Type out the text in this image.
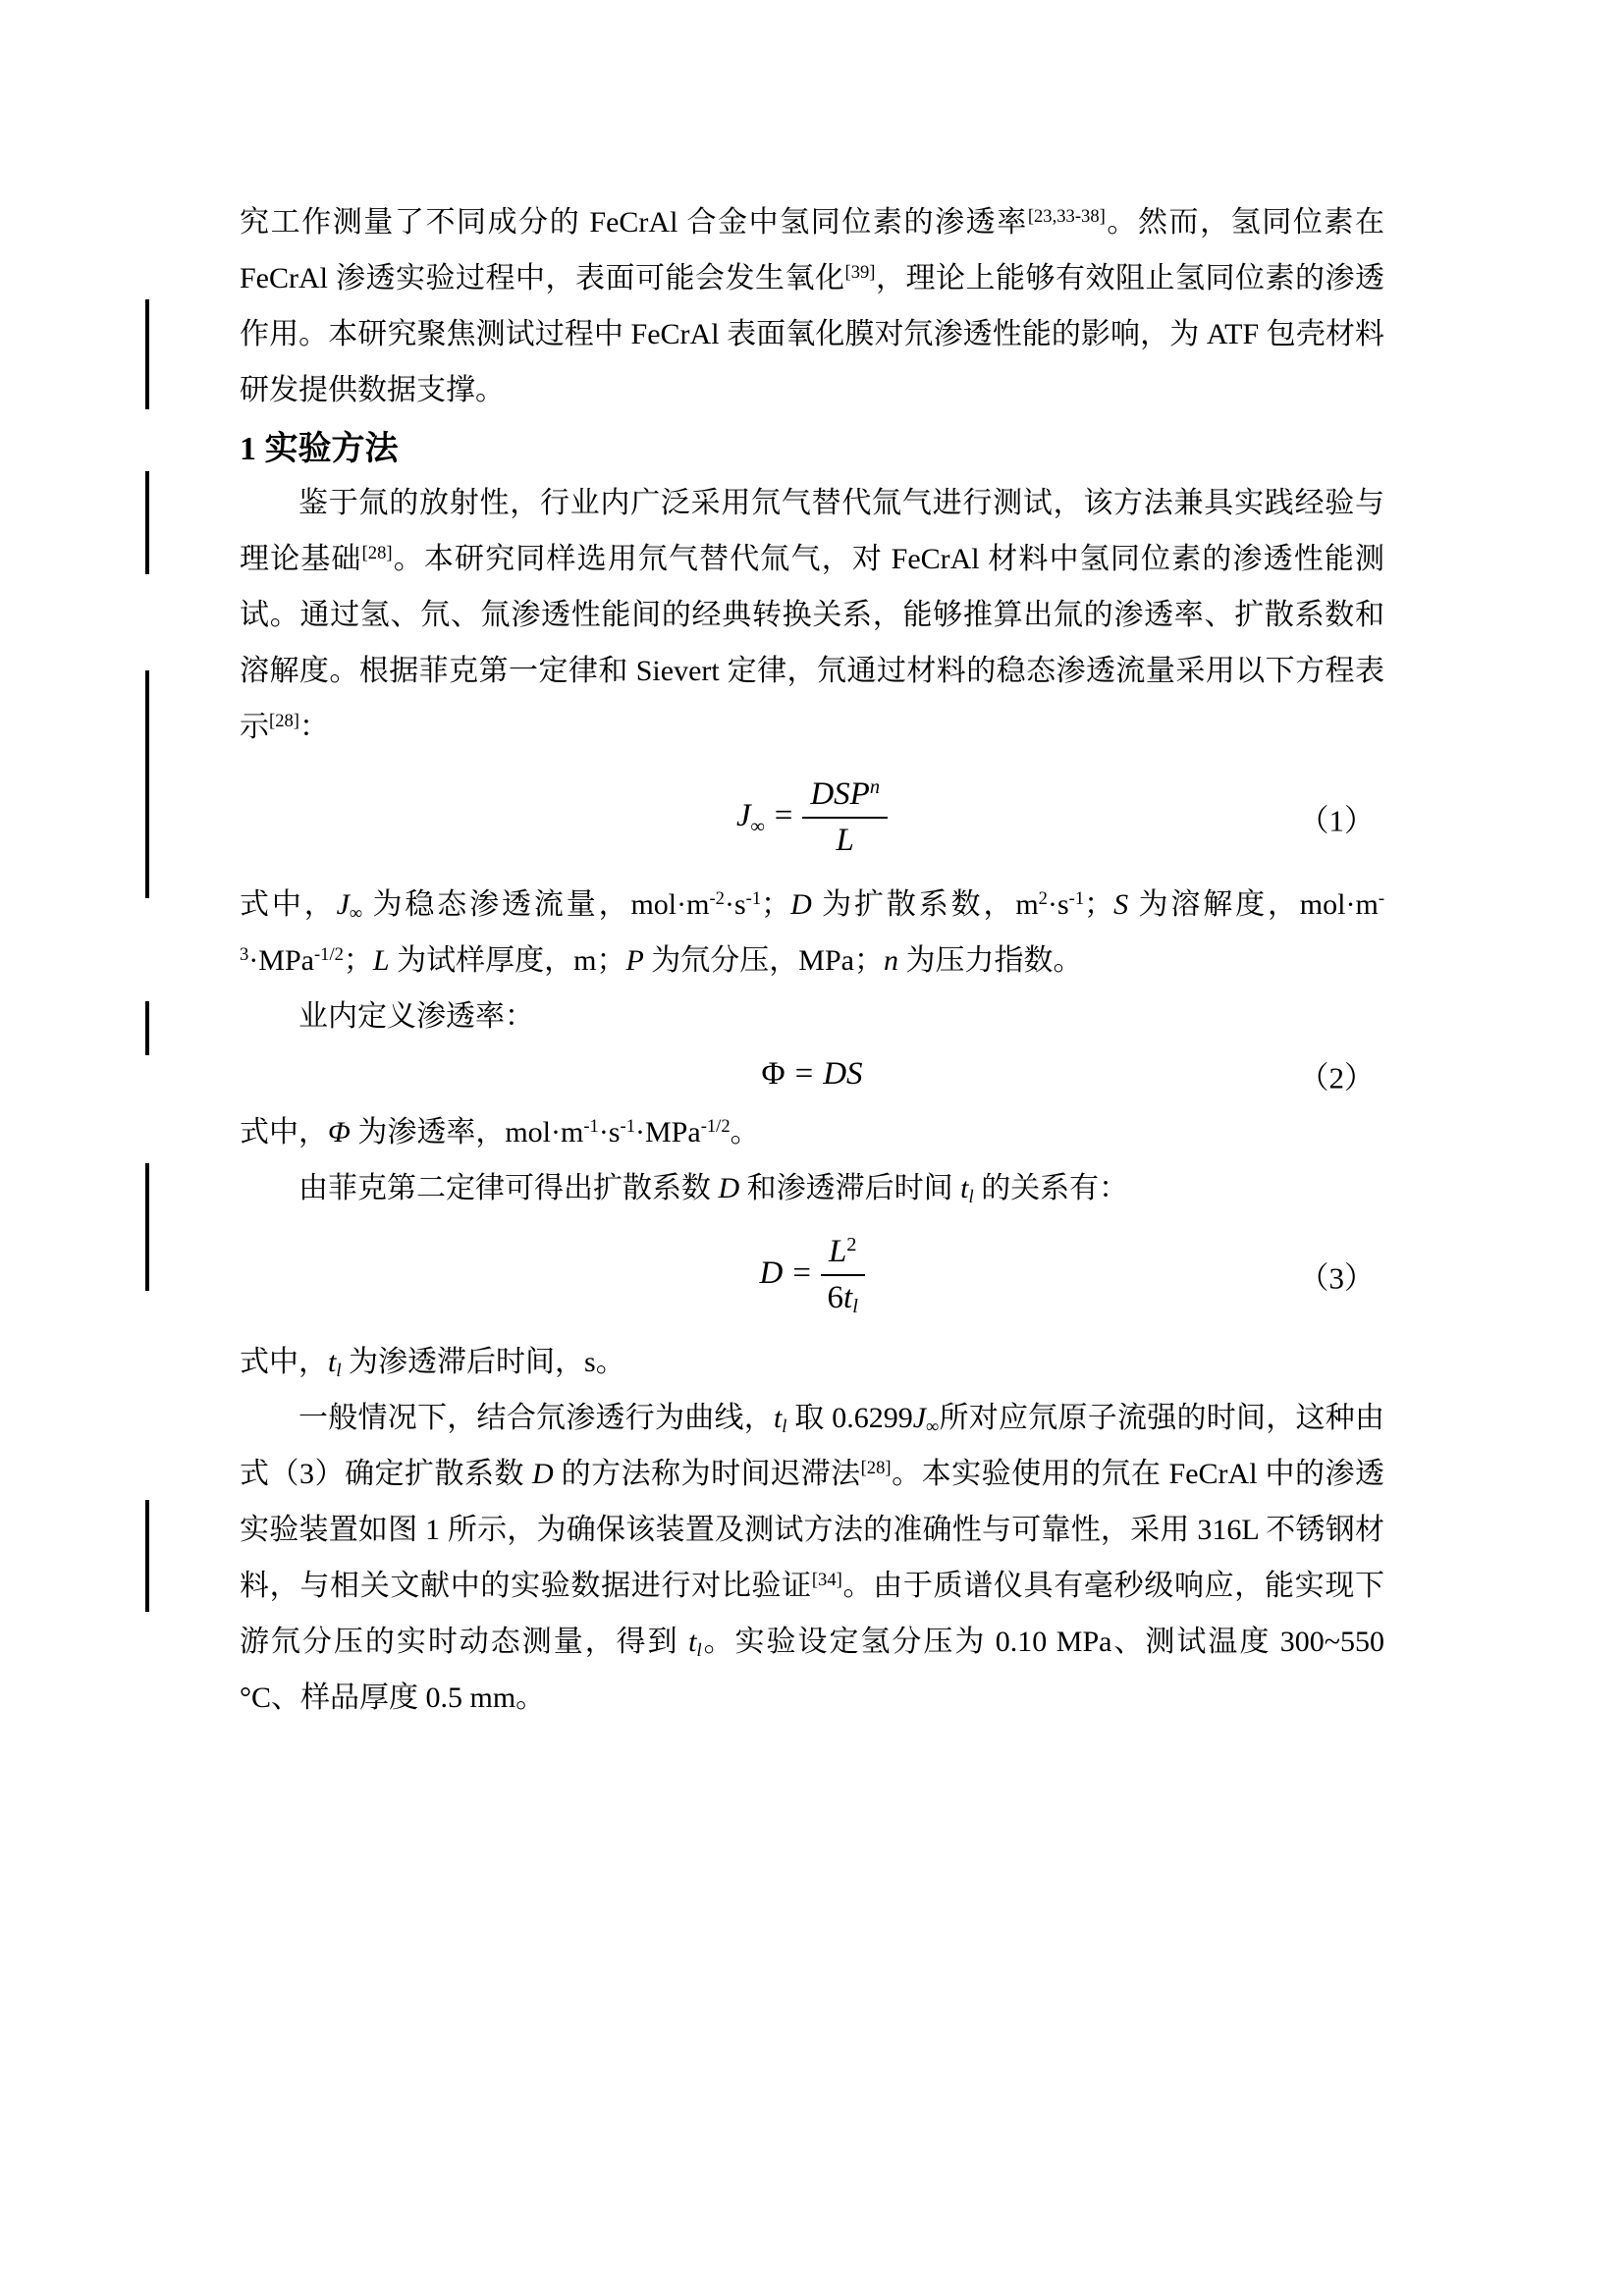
究工作测量了不同成分的 FeCrAl 合金中氢同位素的渗透率[23,33-38]。然而，氢同位素在 FeCrAl 渗透实验过程中，表面可能会发生氧化[39]，理论上能够有效阻止氢同位素的渗透作用。本研究聚焦测试过程中 FeCrAl 表面氧化膜对氘渗透性能的影响，为 ATF 包壳材料研发提供数据支撑。

1 实验方法

鉴于氚的放射性，行业内广泛采用氘气替代氚气进行测试，该方法兼具实践经验与理论基础[28]。本研究同样选用氘气替代氚气，对 FeCrAl 材料中氢同位素的渗透性能测试。通过氢、氘、氚渗透性能间的经典转换关系，能够推算出氚的渗透率、扩散系数和溶解度。根据菲克第一定律和 Sievert 定律，氘通过材料的稳态渗透流量采用以下方程表示[28]：

$J_\infty = \frac{DSP^n}{L}$	（1）

式中，$J_\infty$ 为稳态渗透流量，$mol\cdot m^{-2}\cdot s^{-1}$；D 为扩散系数，$m^2\cdot s^{-1}$；S 为溶解度，$mol\cdot m^{-3}\cdot MPa^{-1/2}$；L 为试样厚度，m；P 为氘分压，MPa；n 为压力指数。

业内定义渗透率：

Φ = DS	（2）

式中，Φ 为渗透率，$mol\cdot m^{-1}\cdot s^{-1}\cdot MPa^{-1/2}$。

由菲克第二定律可得出扩散系数 D 和渗透滞后时间 $t_l$ 的关系有：

$D = \frac{L^2}{6t_l}$	（3）

式中，$t_l$ 为渗透滞后时间，s。

一般情况下，结合氘渗透行为曲线，$t_l$ 取 $0.6299J_\infty$所对应氘原子流强的时间，这种由式（3）确定扩散系数 D 的方法称为时间迟滞法[28]。本实验使用的氘在 FeCrAl 中的渗透实验装置如图 1 所示，为确保该装置及测试方法的准确性与可靠性，采用 316L 不锈钢材料，与相关文献中的实验数据进行对比验证[34]。由于质谱仪具有毫秒级响应，能实现下游氘分压的实时动态测量，得到 $t_l$。实验设定氢分压为 0.10 MPa、测试温度 300~550 °C、样品厚度 0.5 mm。
